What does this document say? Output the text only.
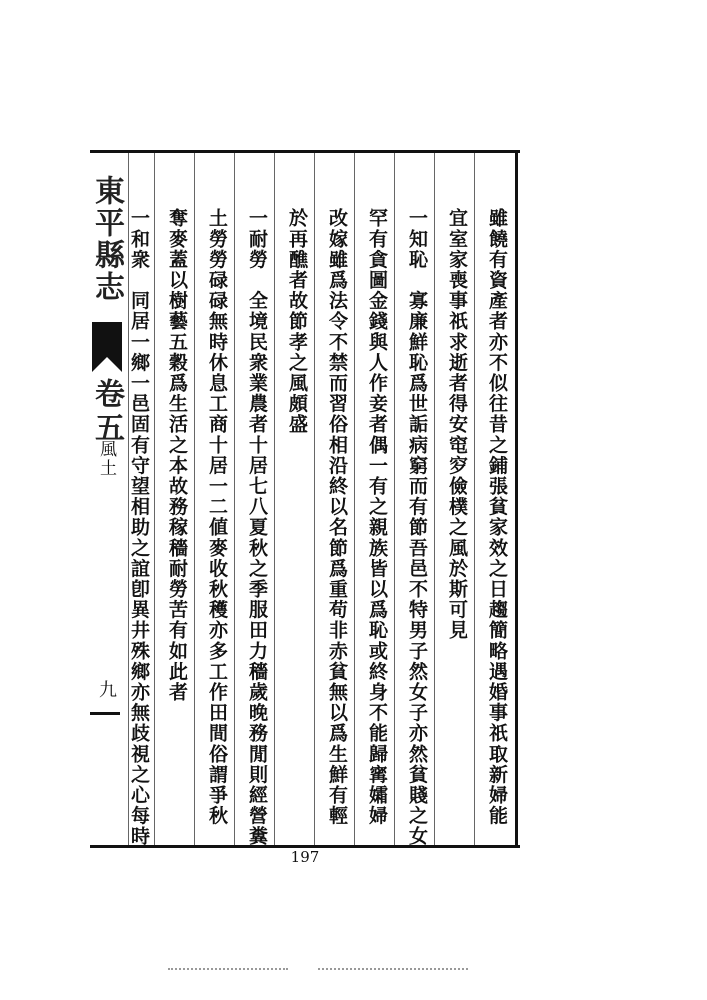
雖饒有資產者亦不似往昔之鋪張貧家效之日趨簡略遇婚事祇取新婦能
宜室家喪事祇求逝者得安窀穸儉樸之風於斯可見
一知恥　寡廉鮮恥爲世詬病窮而有節吾邑不特男子然女子亦然貧賤之女
罕有貪圖金錢與人作妾者偶一有之親族皆以爲恥或終身不能歸寗孀婦
改嫁雖爲法令不禁而習俗相沿終以名節爲重苟非赤貧無以爲生鮮有輕
於再醮者故節孝之風頗盛
一耐勞　全境民衆業農者十居七八夏秋之季服田力穡歲晚務閒則經營糞
土勞勞碌碌無時休息工商十居一二値麥收秋穫亦多工作田間俗謂爭秋
奪麥蓋以樹藝五穀爲生活之本故務稼穡耐勞苦有如此者
一和衆　同居一鄉一邑固有守望相助之誼卽異井殊鄉亦無歧視之心每時
東平縣志
卷五
風土
九
197
